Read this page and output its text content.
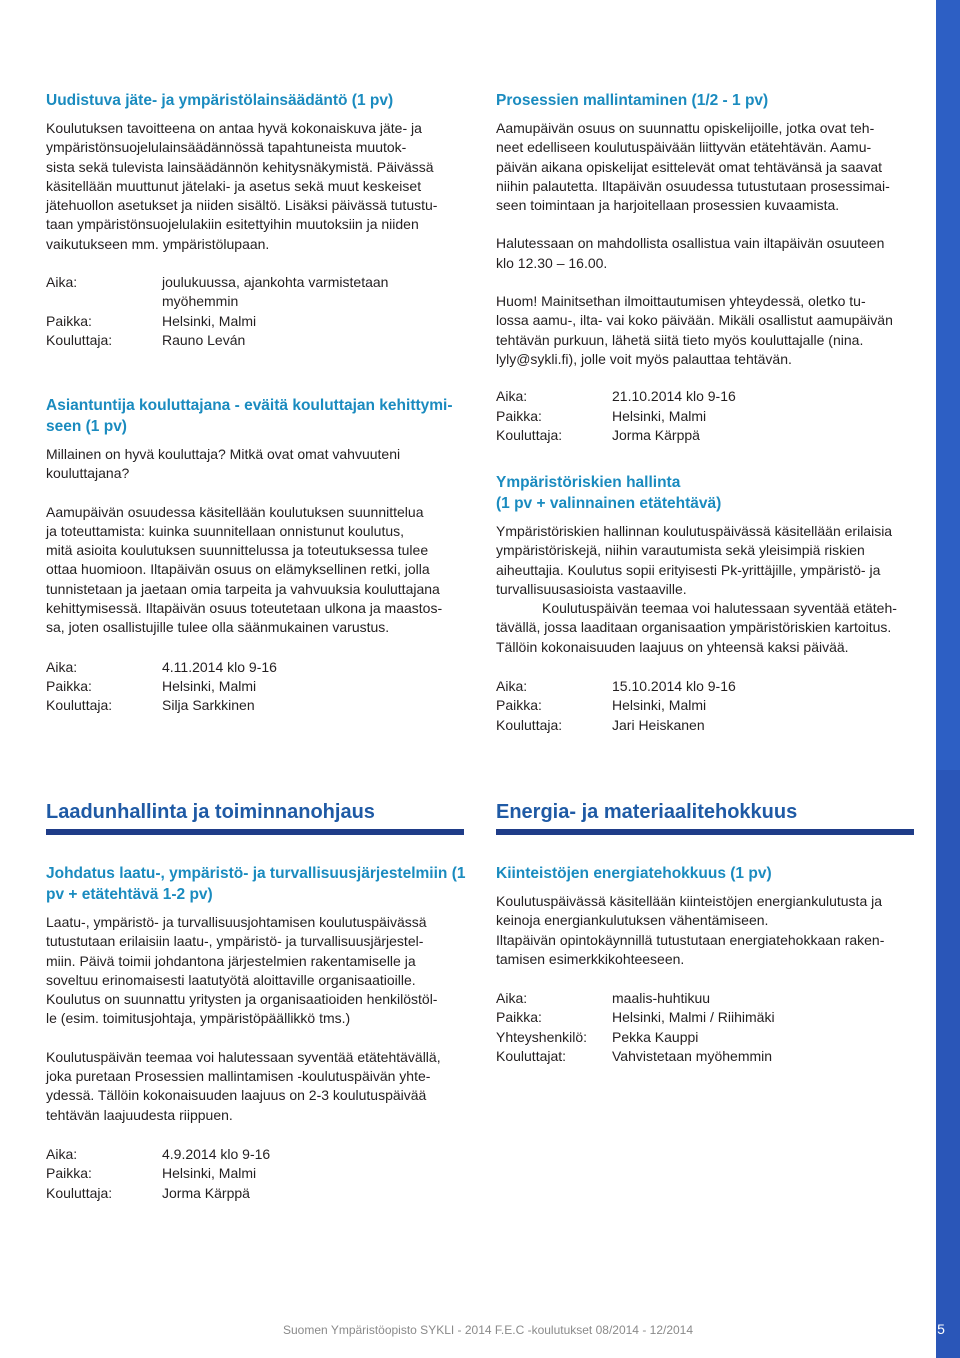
Uudistuva jäte- ja ympäristölainsäädäntö (1 pv)

Koulutuksen tavoitteena on antaa hyvä kokonaiskuva jäte- ja
ympäristönsuojelulainsäädännössä tapahtuneista muutok-
sista sekä tulevista lainsäädännön kehitysnäkymistä. Päivässä
käsitellään muuttunut jätelaki- ja asetus sekä muut keskeiset
jätehuollon asetukset ja niiden sisältö. Lisäksi päivässä tutustu-
taan ympäristönsuojelulakiin esitettyihin muutoksiin ja niiden
vaikutukseen mm. ympäristölupaan.

Aika:	joulukuussa, ajankohta varmistetaan
myöhemmin
Paikka:	Helsinki, Malmi
Kouluttaja:	Rauno Leván
Asiantuntija kouluttajana - eväitä kouluttajan kehittymi-
seen (1 pv)

Millainen on hyvä kouluttaja? Mitkä ovat omat vahvuuteni
kouluttajana?

Aamupäivän osuudessa käsitellään koulutuksen suunnittelua
ja toteuttamista: kuinka suunnitellaan onnistunut koulutus,
mitä asioita koulutuksen suunnittelussa ja toteutuksessa tulee
ottaa huomioon. Iltapäivän osuus on elämyksellinen retki, jolla
tunnistetaan ja jaetaan omia tarpeita ja vahvuuksia kouluttajana
kehittymisessä. Iltapäivän osuus toteutetaan ulkona ja maastos-
sa, joten osallistujille tulee olla säänmukainen varustus.

Aika:	4.11.2014 klo 9-16
Paikka:	Helsinki, Malmi
Kouluttaja:	Silja Sarkkinen
Prosessien mallintaminen (1/2 - 1 pv)

Aamupäivän osuus on suunnattu opiskelijoille, jotka ovat teh-
neet edelliseen koulutuspäivään liittyvän etätehtävän. Aamu-
päivän aikana opiskelijat esittelevät omat tehtävänsä ja saavat
niihin palautetta. Iltapäivän osuudessa tutustutaan prosessimai-
seen toimintaan ja harjoitellaan prosessien kuvaamista.

Halutessaan on mahdollista osallistua vain iltapäivän osuuteen
klo 12.30 – 16.00.

Huom! Mainitsethan ilmoittautumisen yhteydessä, oletko tu-
lossa aamu-, ilta- vai koko päivään. Mikäli osallistut aamupäivän
tehtävän purkuun, lähetä siitä tieto myös kouluttajalle (nina.
lyly@sykli.fi), jolle voit myös palauttaa tehtävän.

Aika:	21.10.2014 klo 9-16
Paikka:	Helsinki, Malmi
Kouluttaja:	Jorma Kärppä
Ympäristöriskien hallinta
(1 pv + valinnainen etätehtävä)

Ympäristöriskien hallinnan koulutuspäivässä käsitellään erilaisia
ympäristöriskejä, niihin varautumista sekä yleisimpiä riskien
aiheuttajia. Koulutus sopii erityisesti Pk-yrittäjille, ympäristö- ja
turvallisuusasioista vastaaville.

Koulutuspäivän teemaa voi halutessaan syventää etäteh-
tävällä, jossa laaditaan organisaation ympäristöriskien kartoitus.
Tällöin kokonaisuuden laajuus on yhteensä kaksi päivää.

Aika:	15.10.2014 klo 9-16
Paikka:	Helsinki, Malmi
Kouluttaja:	Jari Heiskanen
Laadunhallinta ja toiminnanohjaus	Energia- ja materiaalitehokkuus
Johdatus laatu-, ympäristö- ja turvallisuusjärjestelmiin (1
pv + etätehtävä 1-2 pv)

Laatu-, ympäristö- ja turvallisuusjohtamisen koulutuspäivässä
tutustutaan erilaisiin laatu-, ympäristö- ja turvallisuusjärjestel-
miin. Päivä toimii johdantona järjestelmien rakentamiselle ja
soveltuu erinomaisesti laatutyötä aloittaville organisaatioille.
Koulutus on suunnattu yritysten ja organisaatioiden henkilöstöl-
le (esim. toimitusjohtaja, ympäristöpäällikkö tms.)

Koulutuspäivän teemaa voi halutessaan syventää etätehtävällä,
joka puretaan Prosessien mallintamisen -koulutuspäivän yhte-
ydessä. Tällöin kokonaisuuden laajuus on 2-3 koulutuspäivää
tehtävän laajuudesta riippuen.

Aika:	4.9.2014 klo 9-16
Paikka:	Helsinki, Malmi
Kouluttaja:	Jorma Kärppä
Kiinteistöjen energiatehokkuus (1 pv)

Koulutuspäivässä käsitellään kiinteistöjen energiankulutusta ja
keinoja energiankulutuksen vähentämiseen.
Iltapäivän opintokäynnillä tutustutaan energiatehokkaan raken-
tamisen esimerkkikohteeseen.

Aika:	maalis-huhtikuu
Paikka:	Helsinki, Malmi / Riihimäki
Yhteyshenkilö:	Pekka Kauppi
Kouluttajat:	Vahvistetaan myöhemmin
Suomen Ympäristöopisto SYKLI - 2014 F.E.C -koulutukset 08/2014 - 12/2014	5
